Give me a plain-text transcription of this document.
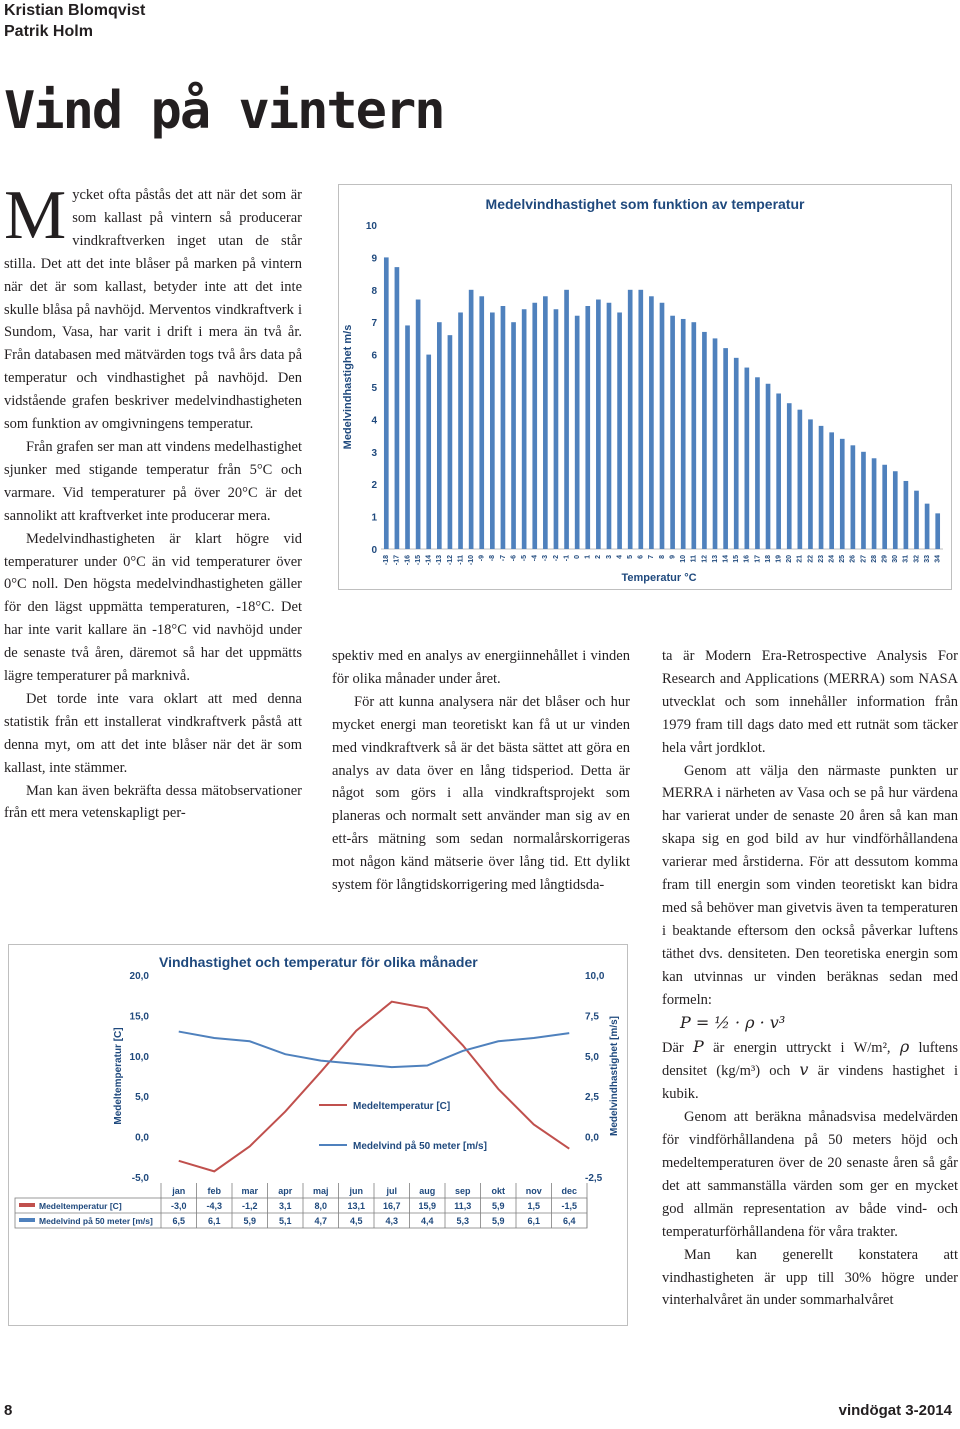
Kristian Blomqvist
Patrik Holm
Vind på vintern

Mycket ofta påstås det att när det som är som kallast på vintern så producerar vindkraftverken inget utan de står stilla. Det att det inte blåser på marken på vintern när det är som kallast, betyder inte att det inte skulle blåsa på navhöjd. Merventos vindkraftverk i Sundom, Vasa, har varit i drift i mera än två år. Från databasen med mätvärden togs två års data på temperatur och vindhastighet på navhöjd. Den vidstående grafen beskriver medelvindhastigheten som funktion av omgivningens temperatur.

Från grafen ser man att vindens medelhastighet sjunker med stigande temperatur från 5°C och varmare. Vid temperaturer på över 20°C är det sannolikt att kraftverket inte producerar mera.

Medelvindhastigheten är klart högre vid temperaturer under 0°C än vid temperaturer över 0°C noll. Den högsta medelvindhastigheten gäller för den lägst uppmätta temperaturen, -18°C. Det har inte varit kallare än -18°C vid navhöjd under de senaste två åren, däremot så har det uppmätts lägre temperaturer på marknivå.

Det torde inte vara oklart att med denna statistik från ett installerat vindkraftverk påstå att denna myt, om att det inte blåser när det är som kallast, inte stämmer.

Man kan även bekräfta dessa mätobservationer från ett mera vetenskapligt per-

Medelvindhastighet som funktion av temperatur
0
1
2
3
4
5
6
7
8
9
10
-18 -17 -16 -15 -14 -13 -12 -11 -10 -9 -8 -7 -6 -5 -4 -3 -2 -1 0 1 2 3 4 5 6 7 8 9 10 11 12 13 14 15 16 17 18 19 20 21 22 23 24 25 26 27 28 29 30 31 32 33 34
Medelvindhastighet m/s
Temperatur °C

spektiv med en analys av energiinnehållet i vinden för olika månader under året.

För att kunna analysera när det blåser och hur mycket energi man teoretiskt kan få ut ur vinden med vindkraftverk så är det bästa sättet att göra en analys av data över en lång tidsperiod. Detta är något som görs i alla vindkraftsprojekt som planeras och normalt sett använder man sig av en ett-års mätning som sedan normalårskorrigeras mot någon känd mätserie över lång tid. Ett dylikt system för långtidskorrigering med långtidsda-

ta är Modern Era-Retrospective Analysis For Research and Applications (MERRA) som NASA utvecklat och som innehåller information från 1979 fram till dags dato med ett rutnät som täcker hela vårt jordklot.

Genom att välja den närmaste punkten ur MERRA i närheten av Vasa och se på hur värdena har varierat under de senaste 20 åren så kan man skapa sig en god bild av hur vindförhållandena varierar med årstiderna. För att dessutom komma fram till energin som vinden teoretiskt kan bidra med så behöver man givetvis även ta temperaturen i beaktande eftersom den också påverkar luftens täthet dvs. densiteten. Den teoretiska energin som kan utvinnas ur vinden beräknas sedan med formeln:

P = ½ · ρ · v³

Där P är energin uttryckt i W/m², ρ luftens densitet (kg/m³) och v är vindens hastighet i kubik.

Genom att beräkna månadsvisa medelvärden för vindförhållandena på 50 meters höjd och medeltemperaturen över de 20 senaste åren så går det att sammanställa värden som ger en mycket god allmän representation av både vind- och temperaturförhållandena för våra trakter.

Man kan generellt konstatera att vindhastigheten är upp till 30% högre under vinterhalvåret än under sommarhalvåret

Vindhastighet och temperatur för olika månader
20,0
15,0
10,0
5,0
0,0
-5,0
10,0
7,5
5,0
2,5
0,0
-2,5
Medeltemperatur [C]	Medelvindhastighet [m/s]
Medeltemperatur [C]
Medelvind på 50 meter [m/s]
jan feb mar apr maj jun	jul aug sep okt nov dec
Medeltemperatur [C]
Medelvind på 50 meter [m/s]
-3,0 -4,3 -1,2 3,1	8,0 13,1 16,7 15,9 11,3 5,9	1,5 -1,5
6,5	6,1	5,9	5,1	4,7	4,5	4,3	4,4	5,3	5,9	6,1	6,4
8	vindögat 3-2014
